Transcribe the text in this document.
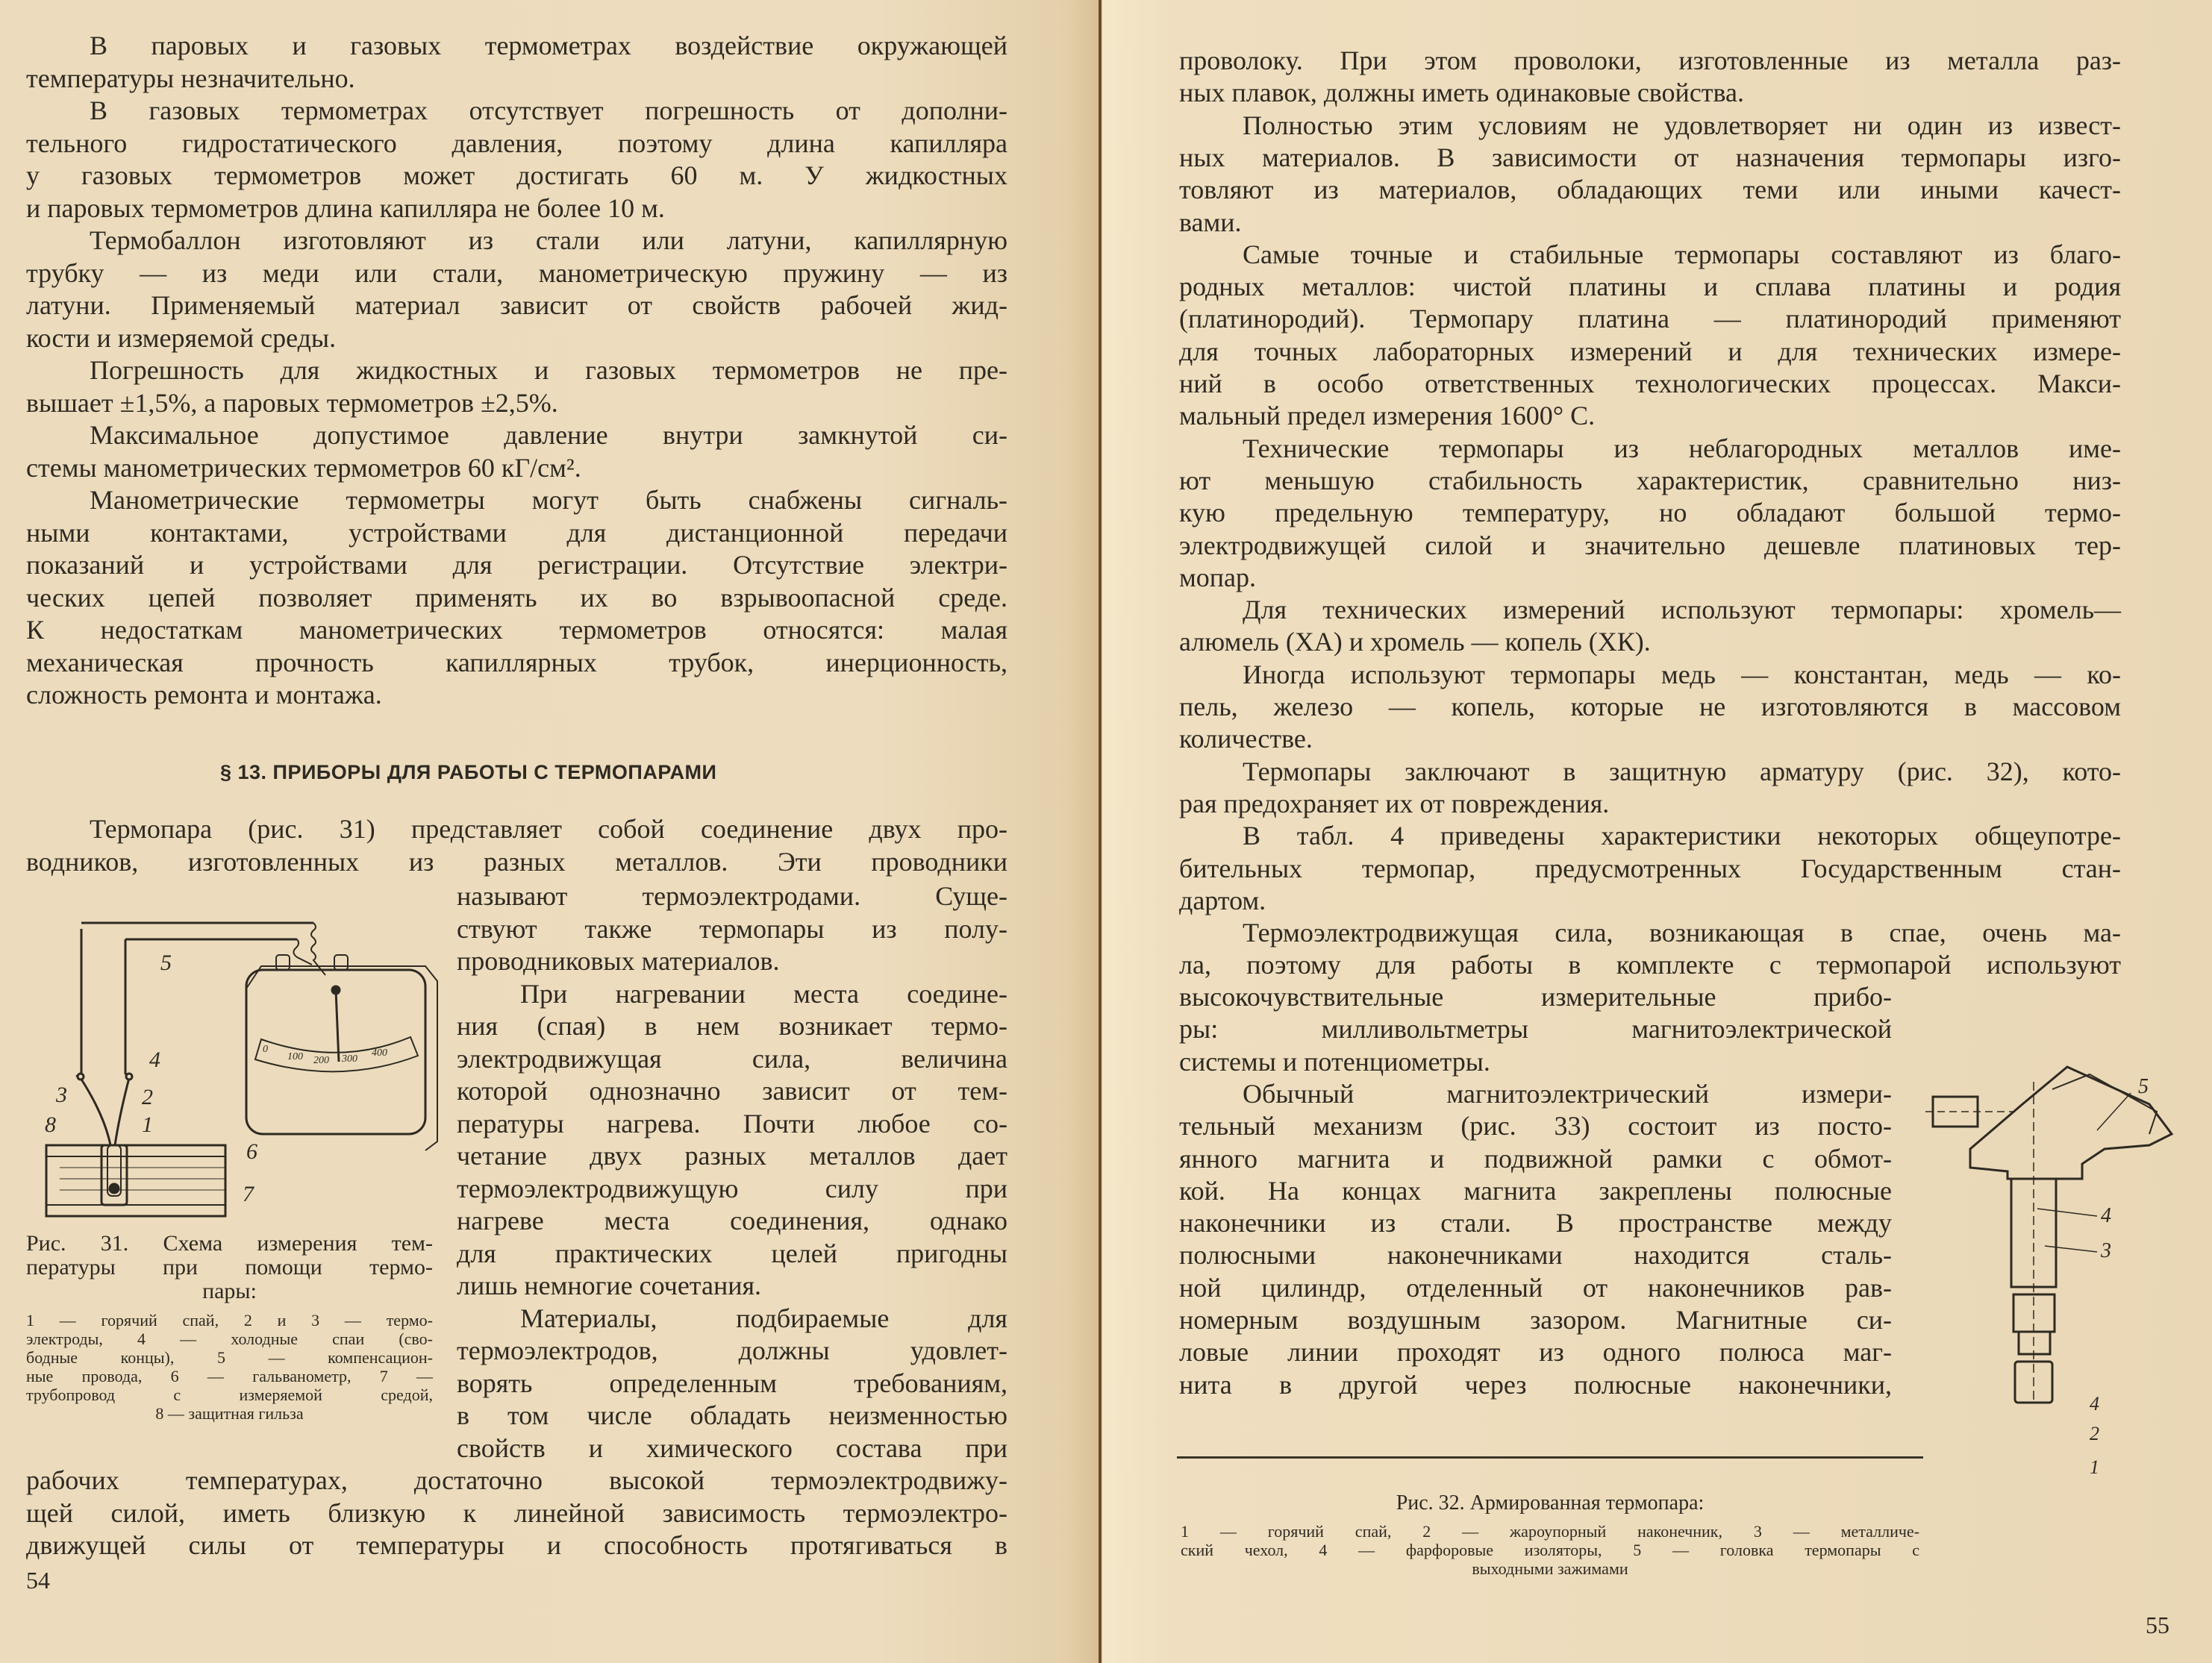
В паровых и газовых термометрах воздействие окружающей
температуры незначительно.
В газовых термометрах отсутствует погрешность от дополни-
тельного гидростатического давления, поэтому длина капилляра
у газовых термометров может достигать 60 м. У жидкостных
и паровых термометров длина капилляра не более 10 м.
Термобаллон изготовляют из стали или латуни, капиллярную
трубку — из меди или стали, манометрическую пружину — из
латуни. Применяемый материал зависит от свойств рабочей жид-
кости и измеряемой среды.
Погрешность для жидкостных и газовых термометров не пре-
вышает ±1,5%, а паровых термометров ±2,5%.
Максимальное допустимое давление внутри замкнутой си-
стемы манометрических термометров 60 кГ/см².
Манометрические термометры могут быть снабжены сигналь-
ными контактами, устройствами для дистанционной передачи
показаний и устройствами для регистрации. Отсутствие электри-
ческих цепей позволяет применять их во взрывоопасной среде.
К недостаткам манометрических термометров относятся: малая
механическая прочность капиллярных трубок, инерционность,
сложность ремонта и монтажа.
§ 13. ПРИБОРЫ ДЛЯ РАБОТЫ С ТЕРМОПАРАМИ
Термопара (рис. 31) представляет собой соединение двух про-
водников, изготовленных из разных металлов. Эти проводники
называют термоэлектродами. Суще-
ствуют также термопары из полу-
проводниковых материалов.
При нагревании места соедине-
ния (спая) в нем возникает термо-
электродвижущая сила, величина
которой однозначно зависит от тем-
пературы нагрева. Почти любое со-
четание двух разных металлов дает
термоэлектродвижущую силу при
нагреве места соединения, однако
для практических целей пригодны
лишь немногие сочетания.
Материалы, подбираемые для
термоэлектродов, должны удовлет-
ворять определенным требованиям,
в том числе обладать неизменностью
свойств и химического состава при
рабочих температурах, достаточно высокой термоэлектродвижу-
щей силой, иметь близкую к линейной зависимость термоэлектро-
движущей силы от температуры и способность протягиваться в
54
0
100 200 300
400
5
4
3	2
8	1
6
7
Рис. 31. Схема измерения тем-
пературы при помощи термо-
пары:
1 — горячий спай, 2 и 3 — термо-
электроды, 4 — холодные спаи (сво-
бодные концы), 5 — компенсацион-
ные провода, 6 — гальванометр, 7 —
трубопровод с измеряемой средой,
8 — защитная гильза
проволоку. При этом проволоки, изготовленные из металла раз-
ных плавок, должны иметь одинаковые свойства.
Полностью этим условиям не удовлетворяет ни один из извест-
ных материалов. В зависимости от назначения термопары изго-
товляют из материалов, обладающих теми или иными качест-
вами.
Самые точные и стабильные термопары составляют из благо-
родных металлов: чистой платины и сплава платины и родия
(платинородий). Термопару платина — платинородий применяют
для точных лабораторных измерений и для технических измере-
ний в особо ответственных технологических процессах. Макси-
мальный предел измерения 1600° С.
Технические термопары из неблагородных металлов име-
ют меньшую стабильность характеристик, сравнительно низ-
кую предельную температуру, но обладают большой термо-
электродвижущей силой и значительно дешевле платиновых тер-
мопар.
Для технических измерений используют термопары: хромель—
алюмель (ХА) и хромель — копель (ХК).
Иногда используют термопары медь — константан, медь — ко-
пель, железо — копель, которые не изготовляются в массовом
количестве.
Термопары заключают в защитную арматуру (рис. 32), кото-
рая предохраняет их от повреждения.
В табл. 4 приведены характеристики некоторых общеупотре-
бительных термопар, предусмотренных Государственным стан-
дартом.
Термоэлектродвижущая сила, возникающая в спае, очень ма-
ла, поэтому для работы в комплекте с термопарой используют
высокочувствительные измерительные прибо-
ры: милливольтметры магнитоэлектрической
системы и потенциометры.
Обычный магнитоэлектрический измери-
тельный механизм (рис. 33) состоит из посто-
янного магнита и подвижной рамки с обмот-
кой. На концах магнита закреплены полюсные
наконечники из стали. В пространстве между
полюсными наконечниками находится сталь-
ной цилиндр, отделенный от наконечников рав-
номерным воздушным зазором. Магнитные си-
ловые линии проходят из одного полюса маг-
нита в другой через полюсные наконечники,
Рис. 32. Армированная термопара:
1 — горячий спай, 2 — жароупорный наконечник, 3 — металличе-
ский чехол, 4 — фарфоровые изоляторы, 5 — головка термопары с
выходными зажимами
55
5
4
3
4
2
1
